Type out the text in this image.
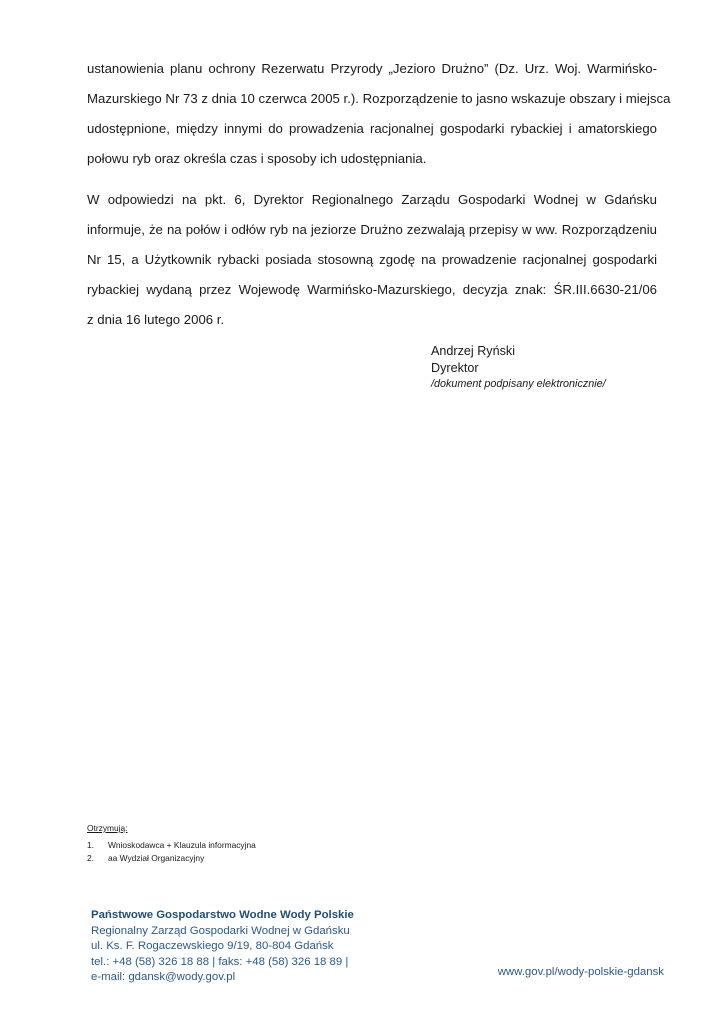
ustanowienia planu ochrony Rezerwatu Przyrody „Jezioro Drużno” (Dz. Urz. Woj. Warmińsko-
Mazurskiego Nr 73 z dnia 10 czerwca 2005 r.). Rozporządzenie to jasno wskazuje obszary i miejsca
udostępnione, między innymi do prowadzenia racjonalnej gospodarki rybackiej i amatorskiego
połowu ryb oraz określa czas i sposoby ich udostępniania.
W odpowiedzi na pkt. 6, Dyrektor Regionalnego Zarządu Gospodarki Wodnej w Gdańsku
informuje, że na połów i odłów ryb na jeziorze Drużno zezwalają przepisy w ww. Rozporządzeniu
Nr 15, a Użytkownik rybacki posiada stosowną zgodę na prowadzenie racjonalnej gospodarki
rybackiej wydaną przez Wojewodę Warmińsko-Mazurskiego, decyzja znak: ŚR.III.6630-21/06
z dnia 16 lutego 2006 r.
Andrzej Ryński
Dyrektor
/dokument podpisany elektronicznie/
Otrzymują:
1. Wnioskodawca + Klauzula informacyjna
2. aa Wydział Organizacyjny
Państwowe Gospodarstwo Wodne Wody Polskie
Regionalny Zarząd Gospodarki Wodnej w Gdańsku
ul. Ks. F. Rogaczewskiego 9/19, 80-804 Gdańsk
tel.: +48 (58) 326 18 88 | faks: +48 (58) 326 18 89 |
e-mail: gdansk@wody.gov.pl	www.gov.pl/wody-polskie-gdansk
